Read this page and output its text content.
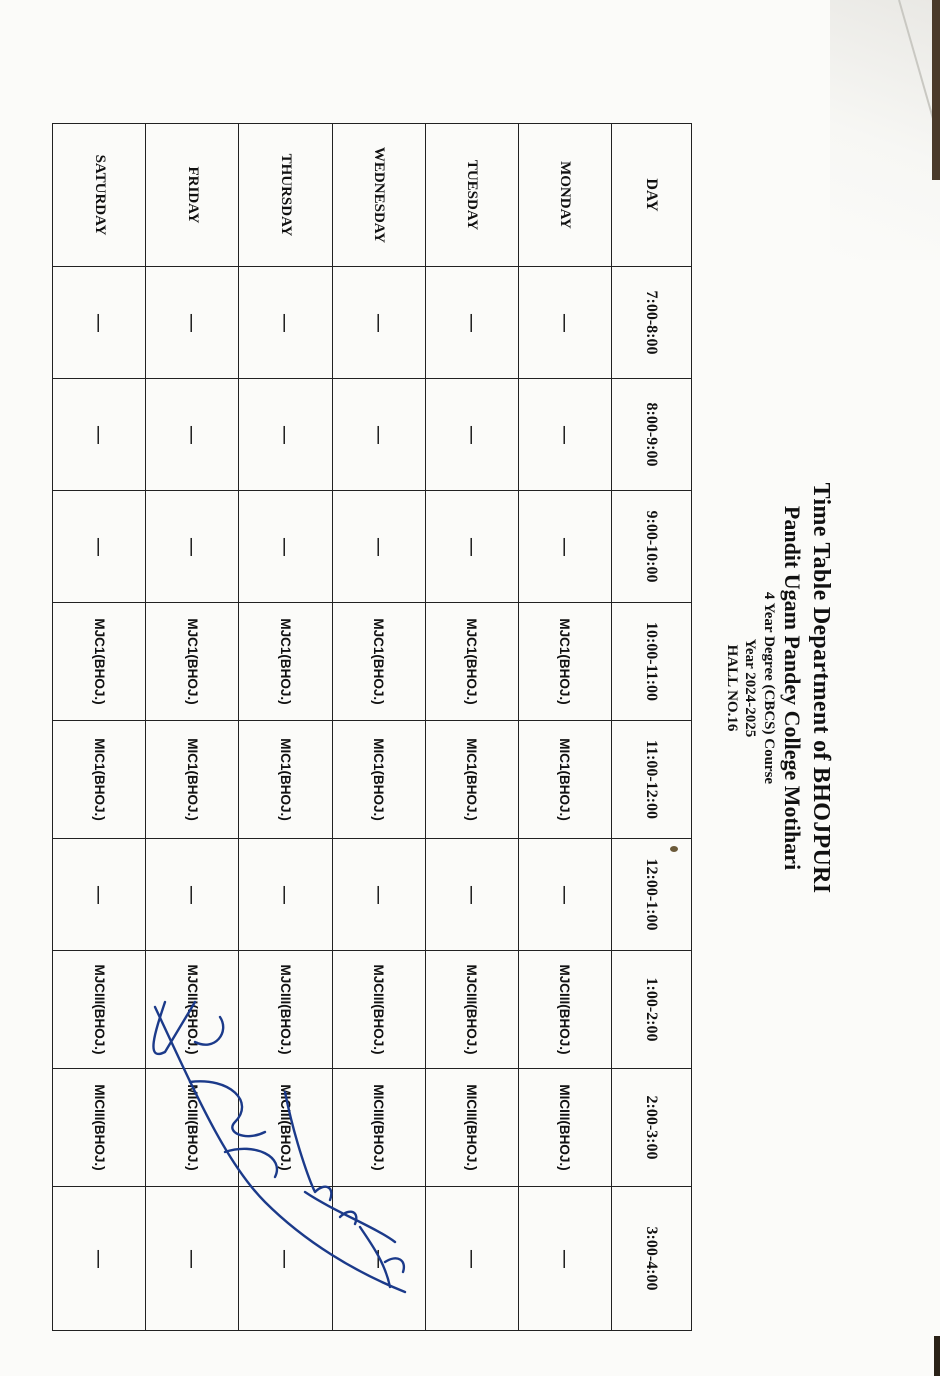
Time Table Department of BHOJPURI
Pandit Ugam Pandey College Motihari
4 Year Degree (CBCS) Course
Year 2024-2025
HALL NO.16
DAY	7:00-8:00	8:00-9:00	9:00-10:00	10:00-11:00	11:00-12:00	12:00-1:00	1:00-2:00	2:00-3:00	3:00-4:00
MONDAY	------	------	------	MJC1(BHOJ.)	MIC1(BHOJ.)	------	MJCIII(BHOJ.)	MICIII(BHOJ.)	------
TUESDAY	------	------	------	MJC1(BHOJ.)	MIC1(BHOJ.)	------	MJCIII(BHOJ.)	MICIII(BHOJ.)	------
WEDNESDAY	------	------	------	MJC1(BHOJ.)	MIC1(BHOJ.)	------	MJCIII(BHOJ.)	MICIII(BHOJ.)	------
THURSDAY	------	------	------	MJC1(BHOJ.)	MIC1(BHOJ.)	------	MJCIII(BHOJ.)	MICIII(BHOJ.)	------
FRIDAY	------	------	------	MJC1(BHOJ.)	MIC1(BHOJ.)	------	MJCIII(BHOJ.)	MICIII(BHOJ.)	------
SATURDAY	------	------	------	MJC1(BHOJ.)	MIC1(BHOJ.)	------	MJCIII(BHOJ.)	MICIII(BHOJ.)	------
